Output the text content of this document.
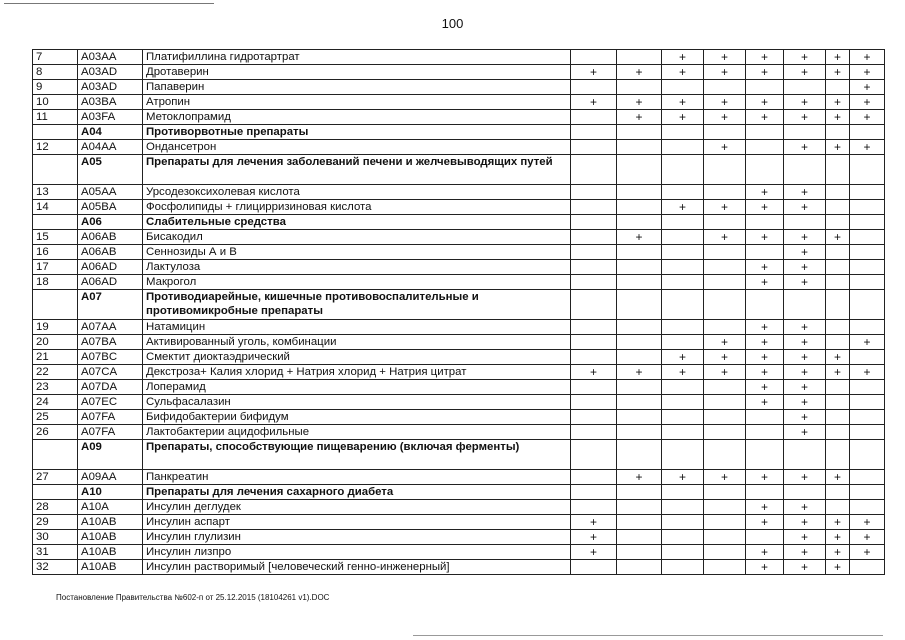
100
7	A03AA	Платифиллина гидротартрат			+	+	+	+	+	+
8	A03AD	Дротаверин	+	+	+	+	+	+	+	+
9	A03AD	Папаверин								+
10	A03BA	Атропин	+	+	+	+	+	+	+	+
11	A03FA	Метоклопрамид		+	+	+	+	+	+	+
	A04	Противорвотные препараты								
12	A04AA	Ондансетрон				+		+	+	+
	A05	Препараты для лечения заболеваний печени и желчевыводящих путей								
13	A05AA	Урсодезоксихолевая кислота					+	+		
14	A05BA	Фосфолипиды + глицирризиновая кислота			+	+	+	+		
	A06	Слабительные средства								
15	A06AB	Бисакодил		+		+	+	+	+	
16	A06AB	Сеннозиды А и В						+		
17	A06AD	Лактулоза					+	+		
18	A06AD	Макрогол					+	+		
	A07	Противодиарейные, кишечные противовоспалительные и противомикробные препараты								
19	A07AA	Натамицин					+	+		
20	A07BA	Активированный уголь, комбинации				+	+	+		+
21	A07BC	Смектит диоктаэдрический			+	+	+	+	+	
22	A07CA	Декстроза+ Калия хлорид + Натрия хлорид + Натрия цитрат	+	+	+	+	+	+	+	+
23	A07DA	Лоперамид					+	+		
24	A07EC	Сульфасалазин					+	+		
25	A07FA	Бифидобактерии бифидум						+		
26	A07FA	Лактобактерии ацидофильные						+		
	A09	Препараты, способствующие пищеварению (включая ферменты)								
27	A09AA	Панкреатин		+	+	+	+	+	+	
	A10	Препараты для лечения сахарного диабета								
28	A10A	Инсулин деглудек					+	+		
29	A10AB	Инсулин аспарт	+				+	+	+	+
30	A10AB	Инсулин глулизин	+					+	+	+
31	A10AB	Инсулин лизпро	+				+	+	+	+
32	A10AB	Инсулин растворимый [человеческий генно-инженерный]					+	+	+	
Постановление Правительства №602-п от 25.12.2015 (18104261 v1).DOC
